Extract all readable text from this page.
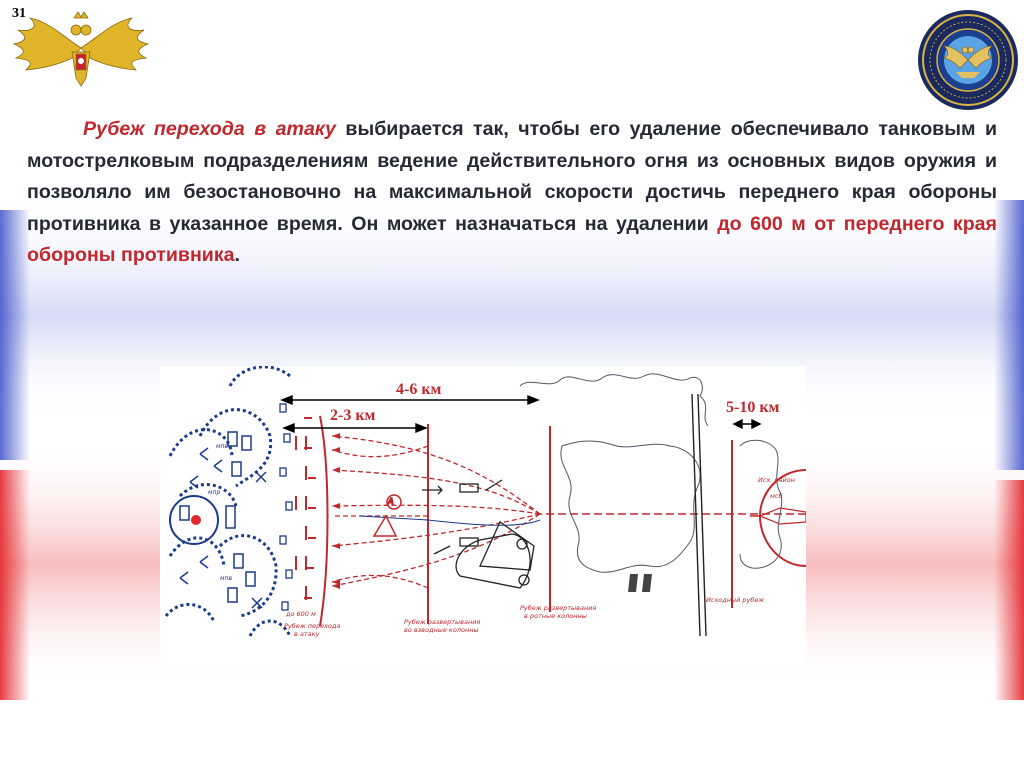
31

Рубеж перехода в атаку выбирается так, чтобы его удаление обеспечивало танковым и мотострелковым подразделениям ведение действительного огня из основных видов оружия и позволяло им безостановочно на максимальной скорости достичь переднего края обороны противника в указанное время. Он может назначаться на удалении до 600 м от переднего края обороны противника.

мпр
мпв
мпв
A
4-6 км
2-3 км	5-10 км
до 600 м
Рубеж перехода
в атаку
Рубеж развертывания
во взводные колонны
Рубеж развертывания
в ротные колонны
Исходный рубеж
Исх. район
мсб
